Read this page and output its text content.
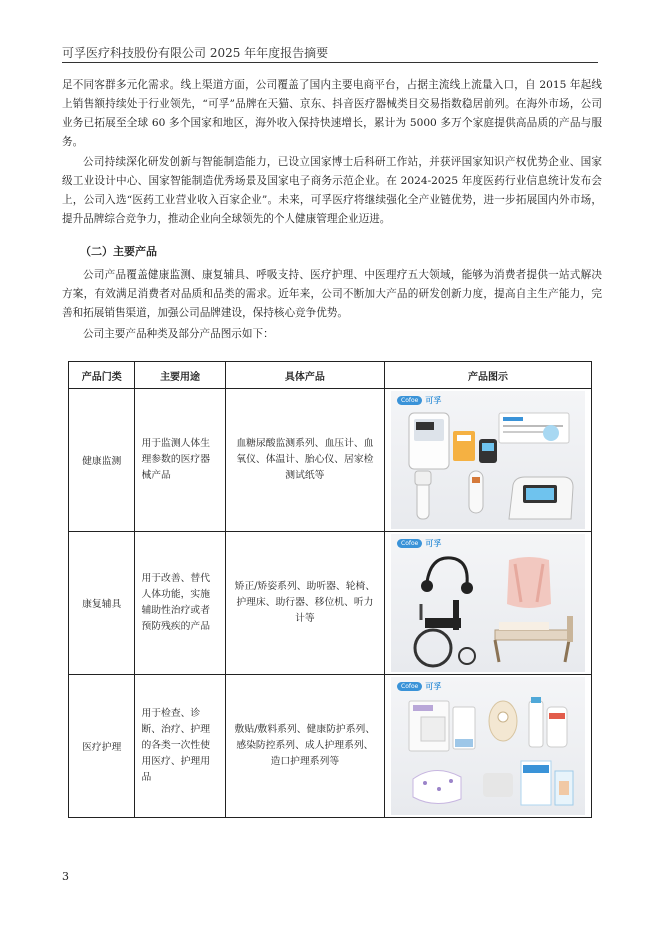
可孚医疗科技股份有限公司 2025 年年度报告摘要

足不同客群多元化需求。线上渠道方面，公司覆盖了国内主要电商平台，占据主流线上流量入口，自 2015 年起线上销售额持续处于行业领先，“可孚”品牌在天猫、京东、抖音医疗器械类目交易指数稳居前列。在海外市场，公司业务已拓展至全球 60 多个国家和地区，海外收入保持快速增长，累计为 5000 多万个家庭提供高品质的产品与服务。

公司持续深化研发创新与智能制造能力，已设立国家博士后科研工作站，并获评国家知识产权优势企业、国家级工业设计中心、国家智能制造优秀场景及国家电子商务示范企业。在 2024-2025 年度医药行业信息统计发布会上，公司入选“医药工业营业收入百家企业”。未来，可孚医疗将继续强化全产业链优势，进一步拓展国内外市场，提升品牌综合竞争力，推动企业向全球领先的个人健康管理企业迈进。

（二）主要产品

公司产品覆盖健康监测、康复辅具、呼吸支持、医疗护理、中医理疗五大领域，能够为消费者提供一站式解决方案，有效满足消费者对品质和品类的需求。近年来，公司不断加大产品的研发创新力度，提高自主生产能力，完善和拓展销售渠道，加强公司品牌建设，保持核心竞争优势。

公司主要产品种类及部分产品图示如下：

产品门类	主要用途	具体产品	产品图示
健康监测	用于监测人体生理参数的医疗器械产品	血糖尿酸监测系列、血压计、血氧仪、体温计、胎心仪、居家检测试纸等	Cofoe 可孚

康复辅具	用于改善、替代人体功能，实施辅助性治疗或者预防残疾的产品	矫正/矫姿系列、助听器、轮椅、护理床、助行器、移位机、听力计等	Cofoe 可孚

医疗护理	用于检查、诊断、治疗、护理的各类一次性使用医疗、护理用品	敷贴/敷料系列、健康防护系列、感染防控系列、成人护理系列、造口护理系列等	Cofoe 可孚
3
